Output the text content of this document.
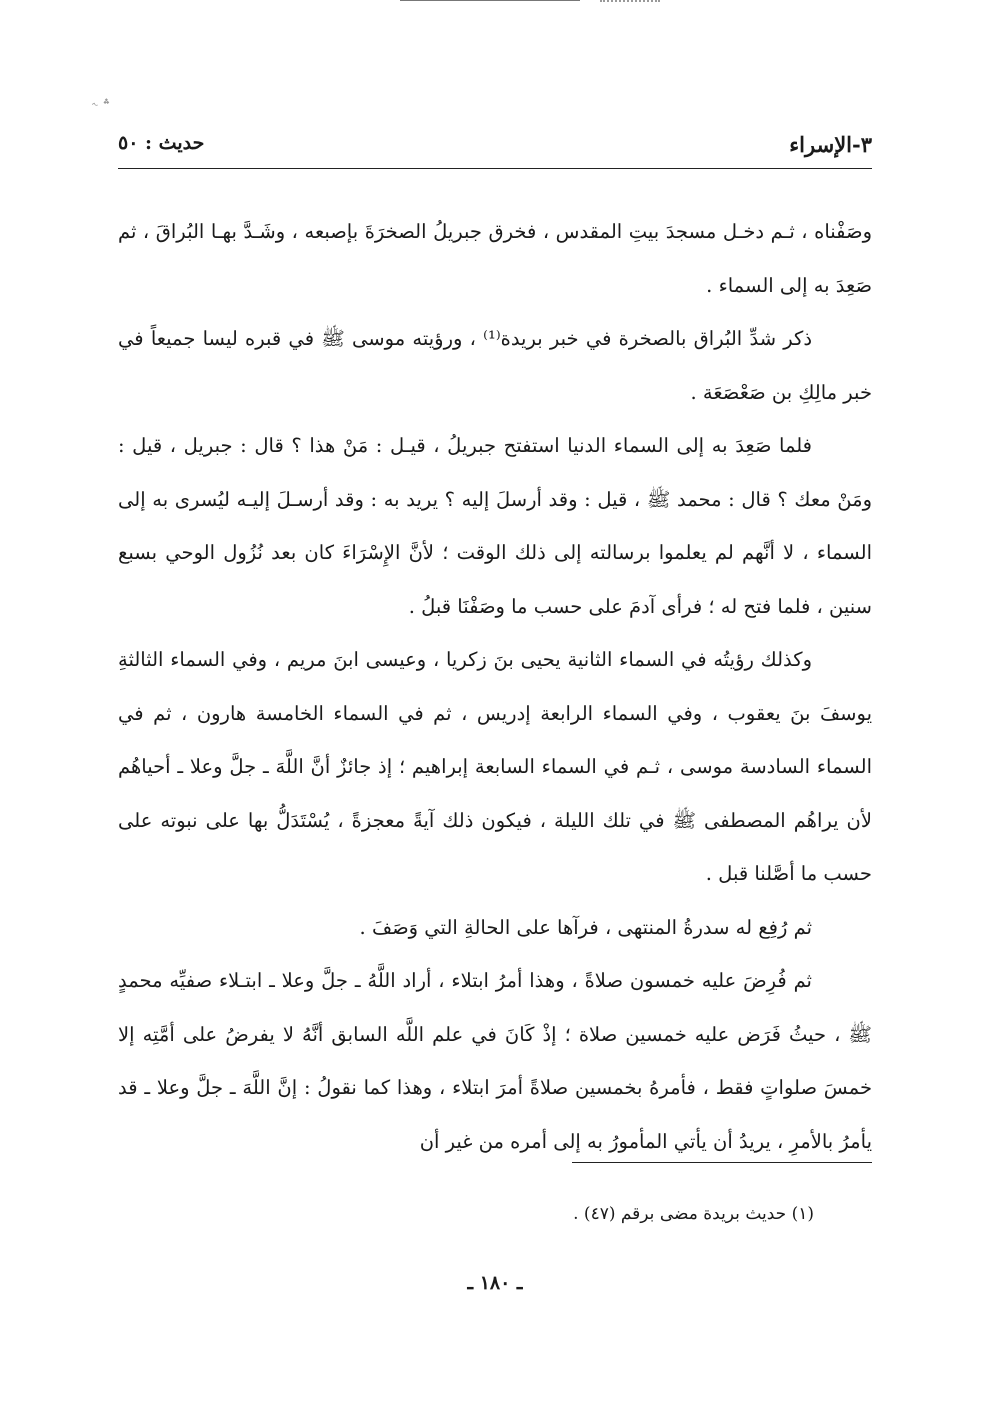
˞ ؞
٣-الإسراء
حديث : ٥٠

وصَفْناه ، ثـم دخـل مسجدَ بيتِ المقدس ، فخرق جبريلُ الصخرَةَ بإصبعه ، وشَـدَّ بهـا البُراقَ ، ثم صَعِدَ به إلى السماء .

ذكر شدِّ البُراق بالصخرة في خبر بريدة⁽¹⁾ ، ورؤيته موسى ﷺ في قبره ليسا جميعاً في خبر مالِكِ بن صَعْصَعَة .

فلما صَعِدَ به إلى السماء الدنيا استفتح جبريلُ ، قيـل : مَنْ هذا ؟ قال : جبريل ، قيل : ومَنْ معك ؟ قال : محمد ﷺ ، قيل : وقد أرسلَ إليه ؟ يريد به : وقد أرسـلَ إليـه ليُسرى به إلى السماء ، لا أنَّهم لم يعلموا برسالته إلى ذلك الوقت ؛ لأنَّ الإِسْرَاءَ كان بعد نُزُول الوحي بسبع سنين ، فلما فتح له ؛ فرأى آدمَ على حسب ما وصَفْنَا قبلُ .

وكذلك رؤيتُه في السماء الثانية يحيى بنَ زكريا ، وعيسى ابنَ مريم ، وفي السماء الثالثةِ يوسفَ بنَ يعقوب ، وفي السماء الرابعة إدريس ، ثم في السماء الخامسة هارون ، ثم في السماء السادسة موسى ، ثـم في السماء السابعة إبراهيم ؛ إذ جائزٌ أنَّ اللَّهَ ـ جلَّ وعلا ـ أحياهُم لأن يراهُم المصطفى ﷺ في تلك الليلة ، فيكون ذلك آيةً معجزةً ، يُسْتَدَلُّ بها على نبوته على حسب ما أصَّلنا قبل .

ثم رُفِع له سدرةُ المنتهى ، فرآها على الحالةِ التي وَصَفَ .

ثم فُرِضَ عليه خمسون صلاةً ، وهذا أمرُ ابتلاء ، أراد اللَّهُ ـ جلَّ وعلا ـ ابتـلاء صفيِّه محمدٍ ﷺ ، حيثُ فَرَض عليه خمسين صلاة ؛ إذْ كَانَ في علم اللَّه السابق أنَّهُ لا يفرضُ على أمَّتِه إلا خمسَ صلواتٍ فقط ، فأمرهُ بخمسين صلاةً أمرَ ابتلاء ، وهذا كما نقولُ : إنَّ اللَّهَ ـ جلَّ وعلا ـ قد يأمرُ بالأمرِ ، يريدُ أن يأتي المأمورُ به إلى أمره من غير أن

(١) حديث بريدة مضى برقم (٤٧) .
ـ ١٨٠ ـ
